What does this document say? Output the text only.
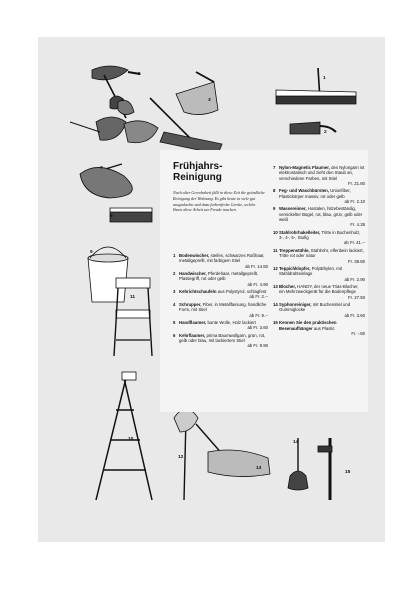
5
4	3
1
2
7
8
9
11
10
12
13
14
15
Frühjahrs-
Reinigung
Nach alter Gewohnheit fällt in diese Zeit die gründliche Reinigung der Wohnung. Es gibt heute in viele gut ausgedachte und dazu farbenfrohe Geräte, welche Ihnen diese Arbeit zur Freude machen.
1 Bodenwischer, steifes, schwarzes Roßhaar, metallgeprellt, mit farbigem Stiel
ab Fr. 14.50
2 Handwischer, Pferdehaar, metallgeprellt, Plastiegriff, rot oder gelb
ab Fr. 4.90
3 Kehrichtschaufeln aus Polystyrol, schlagfest
ab Fr. 2.--
4 Schrupper, Fiber, in Metallfassung, handliche Form, mit Stiel
ab Fr. 9.--
5 Handflaumer, bunte Wolle, Holz lackiert
ab Fr. 3.60
6 Kehrflaumer, prima Baumwollgarn, grün, rot, gelb oder blau, mit lackiertem Stiel
ab Fr. 9.90
7 Nylon-Magnetic Flaumer, des Nylongarn ist elektrostatisch und zieht den Staub an, verschiedene Farben, mit Stiel
Fr. 21.80
8 Feg- und Waschbürsten, Unionfiber, Plastickörper massiv, rot oder gelb
ab Fr. 2.10
9 Wassereimer, Hostalen, hitzebeständig, vernickelter Bügel, rot, blau, grün, gelb oder weiß
Fr. 4.35
10 Stahlrohrhakelleiter, Tritte in Buchenholz, 3-, 4-, 5-, Stufig
ab Fr. 41.--
11 Treppenstühle, Stahlrohr, elfenbein lackiert, Tritte rot oder natur
Fr. 38.80
12 Teppichklopfer, Polyäthylen, mit Stahldrahteinlage
ab Fr. 2.90
13 Blocher, HANDY, der neue Trias-Blocher, ein Mehrzweckgerät für die Bodenpflege
Fr. 27.50
14 Syphonreiniger, mit Buchenstiel und Gummiglocke
ab Fr. 3.60
15 Kennen Sie den praktischen Besenaufhänger aus Plastic
Fr. -.80
